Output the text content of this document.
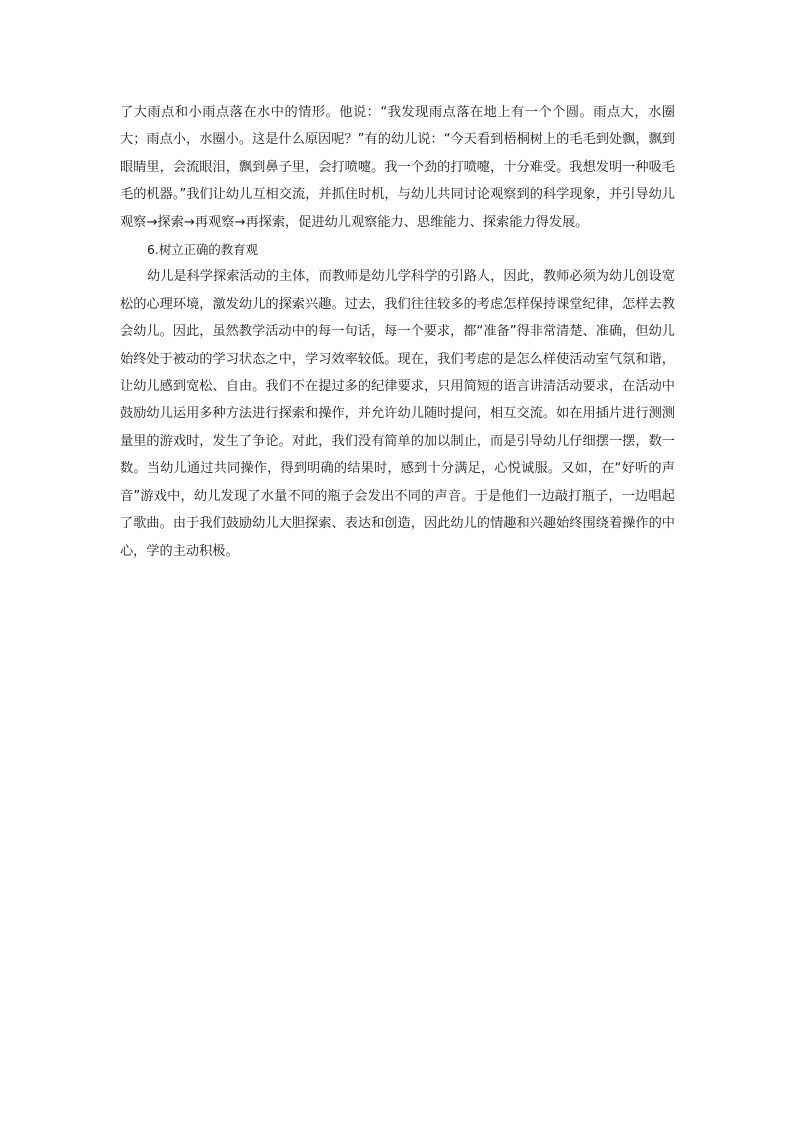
了大雨点和小雨点落在水中的情形。他说：“我发现雨点落在地上有一个个圆。雨点大，水圈大；雨点小，水圈小。这是什么原因呢？”有的幼儿说：“今天看到梧桐树上的毛毛到处飘，飘到眼睛里，会流眼泪，飘到鼻子里，会打喷嚏。我一个劲的打喷嚏，十分难受。我想发明一种吸毛毛的机器。”我们让幼儿互相交流，并抓住时机，与幼儿共同讨论观察到的科学现象，并引导幼儿观察→探索→再观察→再探索，促进幼儿观察能力、思维能力、探索能力得发展。

6.树立正确的教育观

幼儿是科学探索活动的主体，而教师是幼儿学科学的引路人，因此，教师必须为幼儿创设宽松的心理环境，激发幼儿的探索兴趣。过去，我们往往较多的考虑怎样保持课堂纪律，怎样去教会幼儿。因此，虽然教学活动中的每一句话，每一个要求，都“准备”得非常清楚、准确，但幼儿始终处于被动的学习状态之中，学习效率较低。现在，我们考虑的是怎么样使活动室气氛和谐，让幼儿感到宽松、自由。我们不在提过多的纪律要求，只用简短的语言讲清活动要求，在活动中鼓励幼儿运用多种方法进行探索和操作，并允许幼儿随时提问，相互交流。如在用插片进行测测量里的游戏时，发生了争论。对此，我们没有简单的加以制止，而是引导幼儿仔细摆一摆，数一数。当幼儿通过共同操作，得到明确的结果时，感到十分满足，心悦诚服。又如，在“好听的声音”游戏中，幼儿发现了水量不同的瓶子会发出不同的声音。于是他们一边敲打瓶子，一边唱起了歌曲。由于我们鼓励幼儿大胆探索、表达和创造，因此幼儿的情趣和兴趣始终围绕着操作的中心，学的主动积极。
